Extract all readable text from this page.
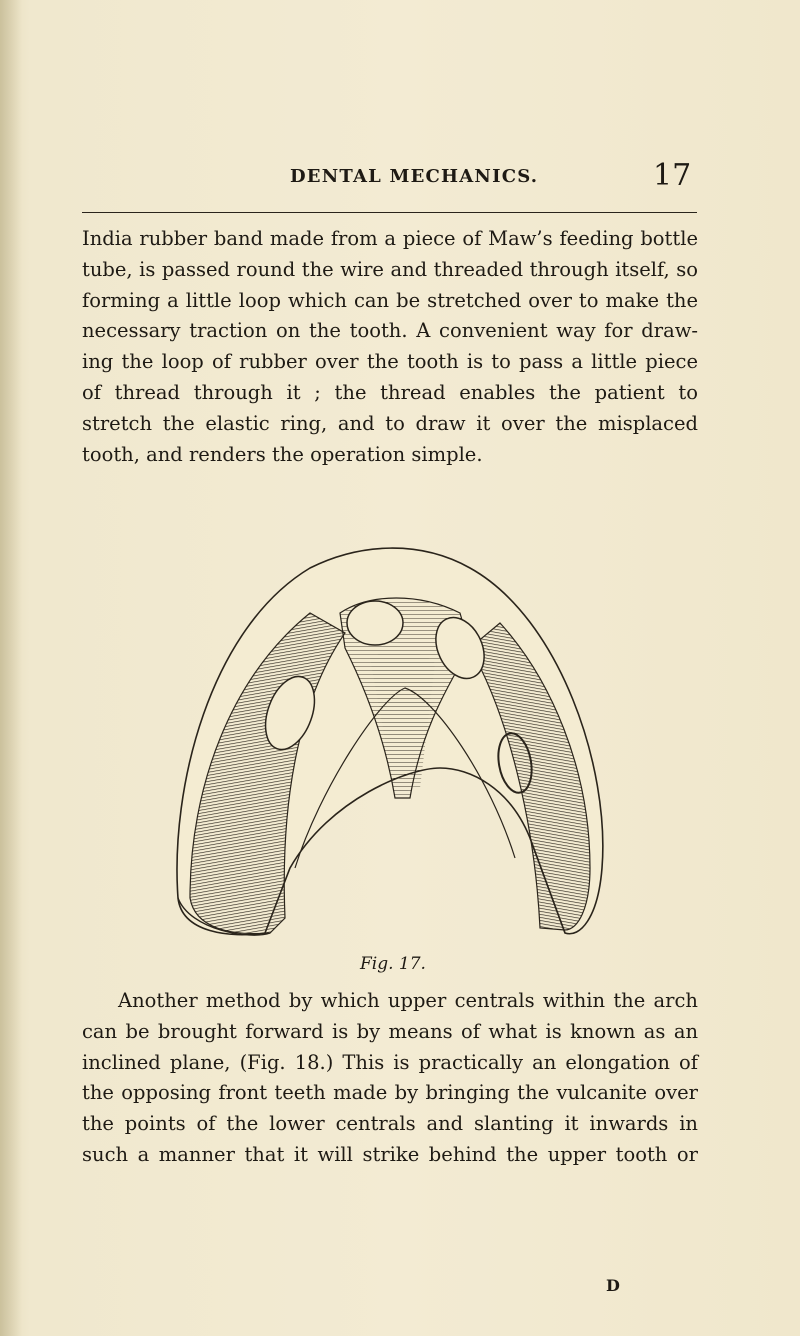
DENTAL MECHANICS.	17
India rubber band made from a piece of Maw’s feeding bottle
tube, is passed round the wire and threaded through itself, so
forming a little loop which can be stretched over to make the
necessary traction on the tooth. A convenient way for draw-
ing the loop of rubber over the tooth is to pass a little piece
of thread through it ; the thread enables the patient to
stretch the elastic ring, and to draw it over the misplaced
tooth, and renders the operation simple.
Fig. 17.
Another method by which upper centrals within the arch
can be brought forward is by means of what is known as an
inclined plane, (Fig. 18.) This is practically an elongation of
the opposing front teeth made by bringing the vulcanite over
the points of the lower centrals and slanting it inwards in
such a manner that it will strike behind the upper tooth or
D
